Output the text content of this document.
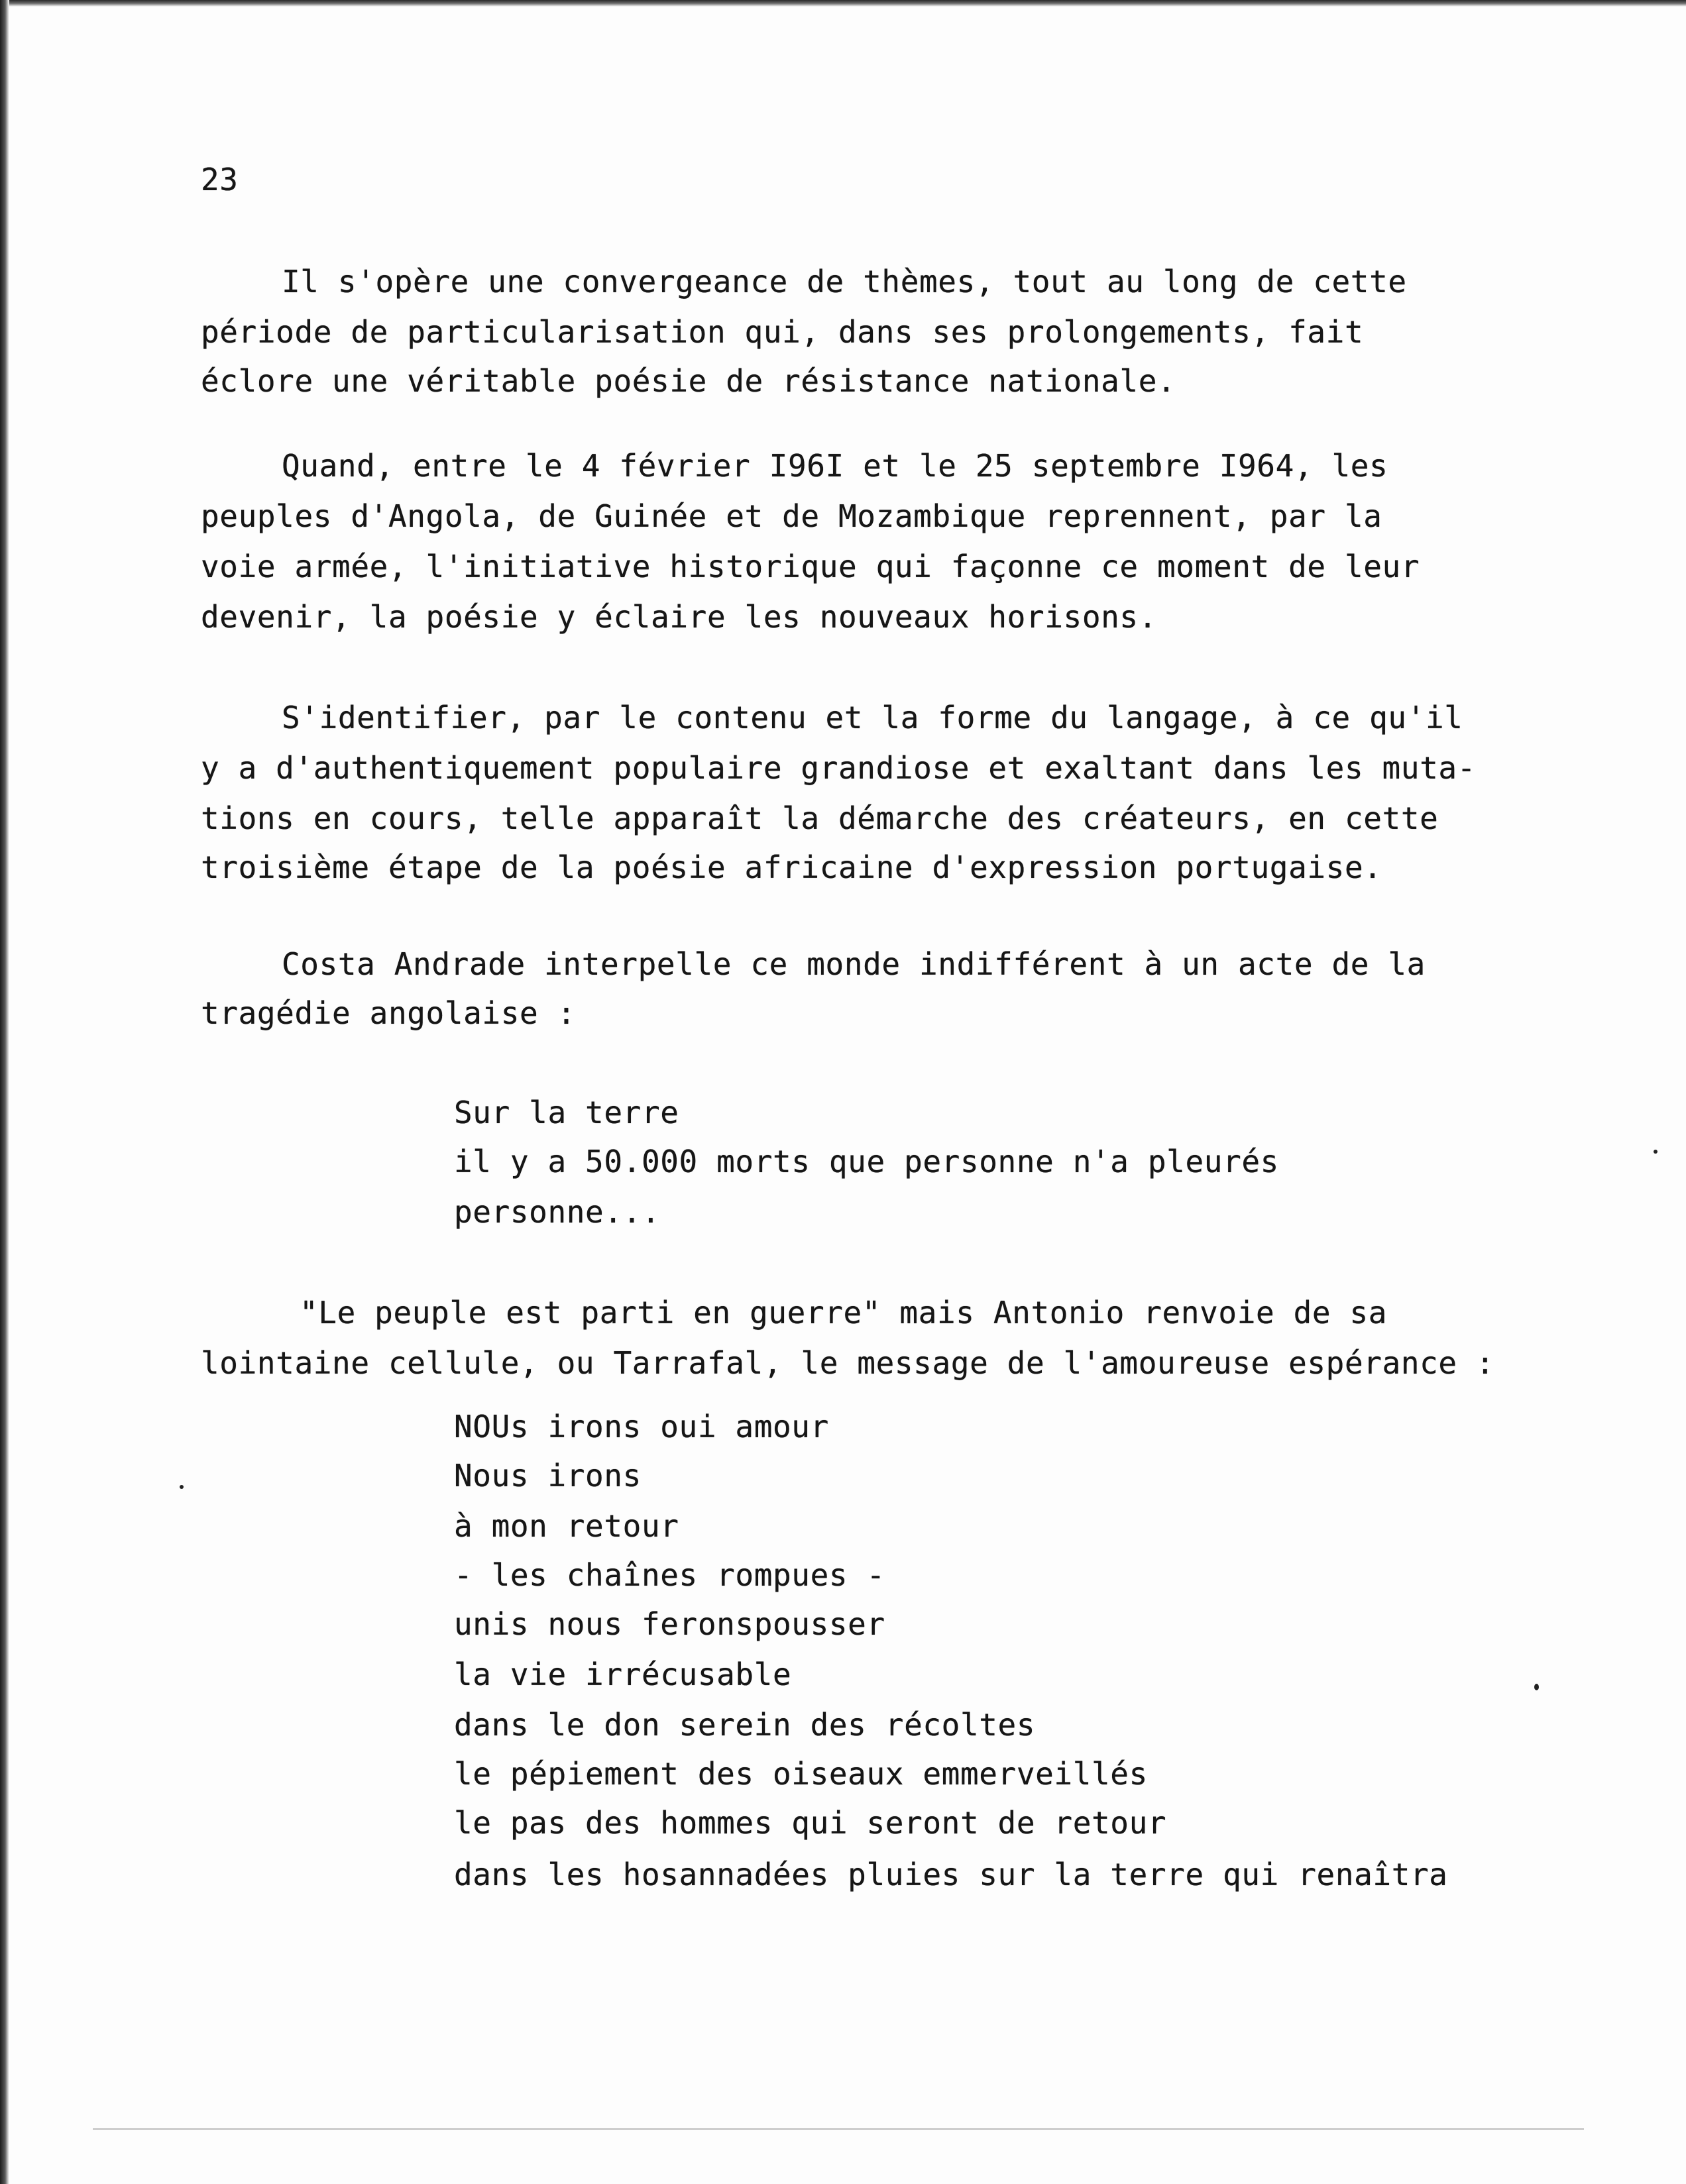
23
Il s'opère une convergeance de thèmes, tout au long de cette
période de particularisation qui, dans ses prolongements, fait
éclore une véritable poésie de résistance nationale.
Quand, entre le 4 février I96I et le 25 septembre I964, les
peuples d'Angola, de Guinée et de Mozambique reprennent, par la
voie armée, l'initiative historique qui façonne ce moment de leur
devenir, la poésie y éclaire les nouveaux horisons.
S'identifier, par le contenu et la forme du langage, à ce qu'il
y a d'authentiquement populaire grandiose et exaltant dans les muta-
tions en cours, telle apparaît la démarche des créateurs, en cette
troisième étape de la poésie africaine d'expression portugaise.
Costa Andrade interpelle ce monde indifférent à un acte de la
tragédie angolaise :
Sur la terre
il y a 50.000 morts que personne n'a pleurés
personne...
"Le peuple est parti en guerre" mais Antonio renvoie de sa
lointaine cellule, ou Tarrafal, le message de l'amoureuse espérance :
NOUs irons oui amour
Nous irons
à mon retour
- les chaînes rompues -
unis nous feronspousser
la vie irrécusable
dans le don serein des récoltes
le pépiement des oiseaux emmerveillés
le pas des hommes qui seront de retour
dans les hosannadées pluies sur la terre qui renaîtra
